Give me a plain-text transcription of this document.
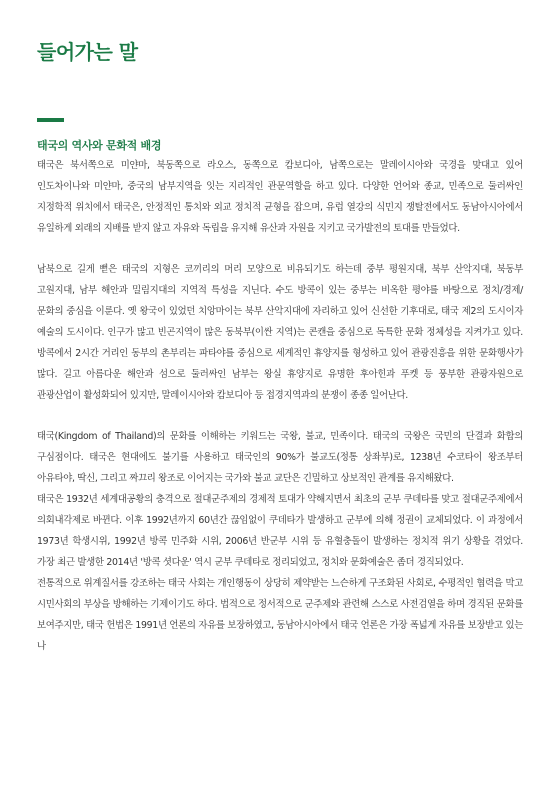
들어가는 말
태국의 역사와 문화적 배경

태국은 북서쪽으로 미얀마, 북동쪽으로 라오스, 동쪽으로 캄보디아, 남쪽으로는 말레이시아와 국경을 맞대고 있어 인도차이나와 미얀마, 중국의 남부지역을 잇는 지리적인 관문역할을 하고 있다. 다양한 언어와 종교, 민족으로 둘러싸인 지정학적 위치에서 태국은, 안정적인 통치와 외교 정치적 균형을 잡으며, 유럽 열강의 식민지 쟁탈전에서도 동남아시아에서 유일하게 외래의 지배를 받지 않고 자유와 독립을 유지해 유산과 자원을 지키고 국가발전의 토대를 만들었다.

남북으로 길게 뻗은 태국의 지형은 코끼리의 머리 모양으로 비유되기도 하는데 중부 평원지대, 북부 산악지대, 북동부 고원지대, 남부 해안과 밀림지대의 지역적 특성을 지닌다. 수도 방콕이 있는 중부는 비옥한 평야를 바탕으로 정치/경제/문화의 중심을 이룬다. 옛 왕국이 있었던 치앙마이는 북부 산악지대에 자리하고 있어 신선한 기후대로, 태국 제2의 도시이자 예술의 도시이다. 인구가 많고 빈곤지역이 많은 동북부(이싼 지역)는 콘캔을 중심으로 독특한 문화 정체성을 지켜가고 있다. 방콕에서 2시간 거리인 동부의 촌부리는 파타야를 중심으로 세계적인 휴양지를 형성하고 있어 관광진흥을 위한 문화행사가 많다. 길고 아름다운 해안과 섬으로 둘러싸인 남부는 왕실 휴양지로 유명한 후아힌과 푸켓 등 풍부한 관광자원으로 관광산업이 활성화되어 있지만, 말레이시아와 캄보디아 등 접경지역과의 분쟁이 종종 일어난다.

태국(Kingdom of Thailand)의 문화를 이해하는 키워드는 국왕, 불교, 민족이다. 태국의 국왕은 국민의 단결과 화합의 구심점이다. 태국은 현대에도 불기를 사용하고 태국인의 90%가 불교도(정통 상좌부)로, 1238년 수코타이 왕조부터 아유타야, 딱신, 그리고 짜끄리 왕조로 이어지는 국가와 불교 교단은 긴밀하고 상보적인 관계를 유지해왔다.

태국은 1932년 세계대공황의 충격으로 절대군주제의 경제적 토대가 약해지면서 최초의 군부 쿠데타를 맞고 절대군주제에서 의회내각제로 바뀐다. 이후 1992년까지 60년간 끊임없이 쿠데타가 발생하고 군부에 의해 정권이 교체되었다. 이 과정에서 1973년 학생시위, 1992년 방콕 민주화 시위, 2006년 반군부 시위 등 유혈충돌이 발생하는 정치적 위기 상황을 겪었다. 가장 최근 발생한 2014년 '방콕 셧다운' 역시 군부 쿠데타로 정리되었고, 정치와 문화예술은 좀더 경직되었다.

전통적으로 위계질서를 강조하는 태국 사회는 개인행동이 상당히 제약받는 느슨하게 구조화된 사회로, 수평적인 협력을 막고 시민사회의 부상을 방해하는 기제이기도 하다. 법적으로 정서적으로 군주제와 관련해 스스로 사전검열을 하며 경직된 문화를 보여주지만, 태국 헌법은 1991년 언론의 자유를 보장하였고, 동남아시아에서 태국 언론은 가장 폭넓게 자유를 보장받고 있는 나
